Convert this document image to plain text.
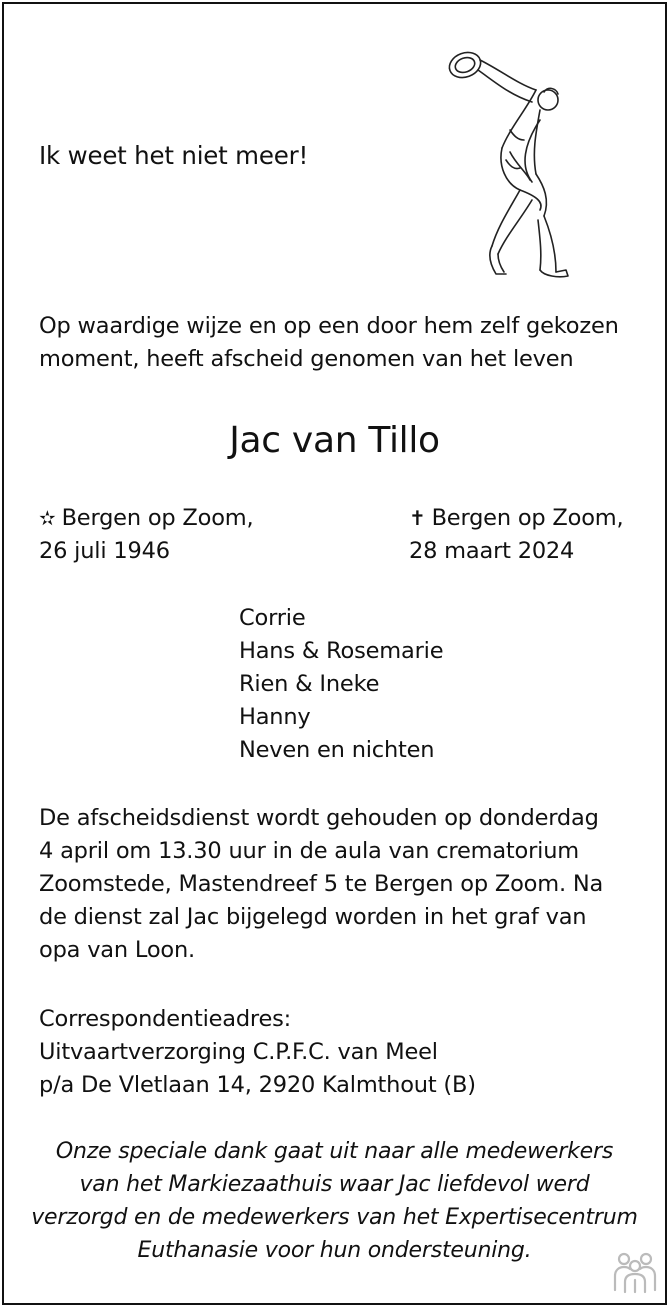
Ik weet het niet meer!
Op waardige wijze en op een door hem zelf gekozen
moment, heeft afscheid genomen van het leven
Jac van Tillo
✫ Bergen op Zoom,
26 juli 1946
✝ Bergen op Zoom,
28 maart 2024
Corrie
Hans & Rosemarie
Rien & Ineke
Hanny
Neven en nichten
De afscheidsdienst wordt gehouden op donderdag
4 april om 13.30 uur in de aula van crematorium
Zoomstede, Mastendreef 5 te Bergen op Zoom. Na
de dienst zal Jac bijgelegd worden in het graf van
opa van Loon.
Correspondentieadres:
Uitvaartverzorging C.P.F.C. van Meel
p/a De Vletlaan 14, 2920 Kalmthout (B)
Onze speciale dank gaat uit naar alle medewerkers
van het Markiezaathuis waar Jac liefdevol werd
verzorgd en de medewerkers van het Expertisecentrum
Euthanasie voor hun ondersteuning.
